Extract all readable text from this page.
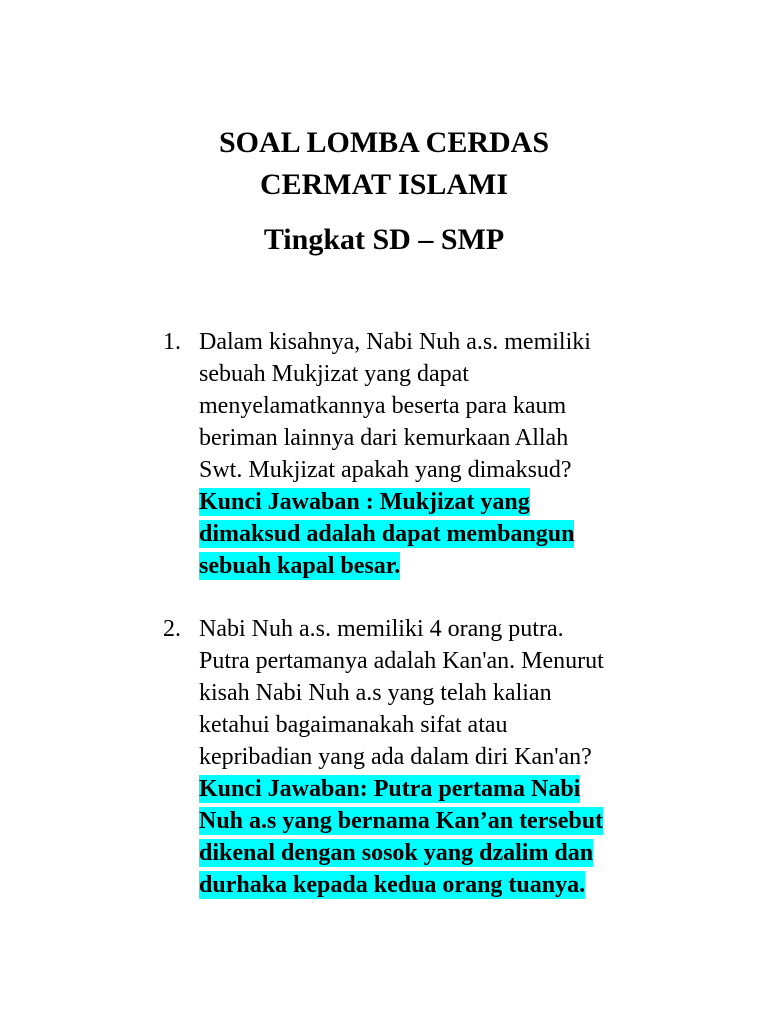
SOAL LOMBA CERDAS
CERMAT ISLAMI
Tingkat SD – SMP
1. Dalam kisahnya, Nabi Nuh a.s. memiliki
sebuah Mukjizat yang dapat
menyelamatkannya beserta para kaum
beriman lainnya dari kemurkaan Allah
Swt. Mukjizat apakah yang dimaksud?
Kunci Jawaban : Mukjizat yang
dimaksud adalah dapat membangun
sebuah kapal besar.
2. Nabi Nuh a.s. memiliki 4 orang putra.
Putra pertamanya adalah Kan'an. Menurut
kisah Nabi Nuh a.s yang telah kalian
ketahui bagaimanakah sifat atau
kepribadian yang ada dalam diri Kan'an?
Kunci Jawaban: Putra pertama Nabi
Nuh a.s yang bernama Kan’an tersebut
dikenal dengan sosok yang dzalim dan
durhaka kepada kedua orang tuanya.
